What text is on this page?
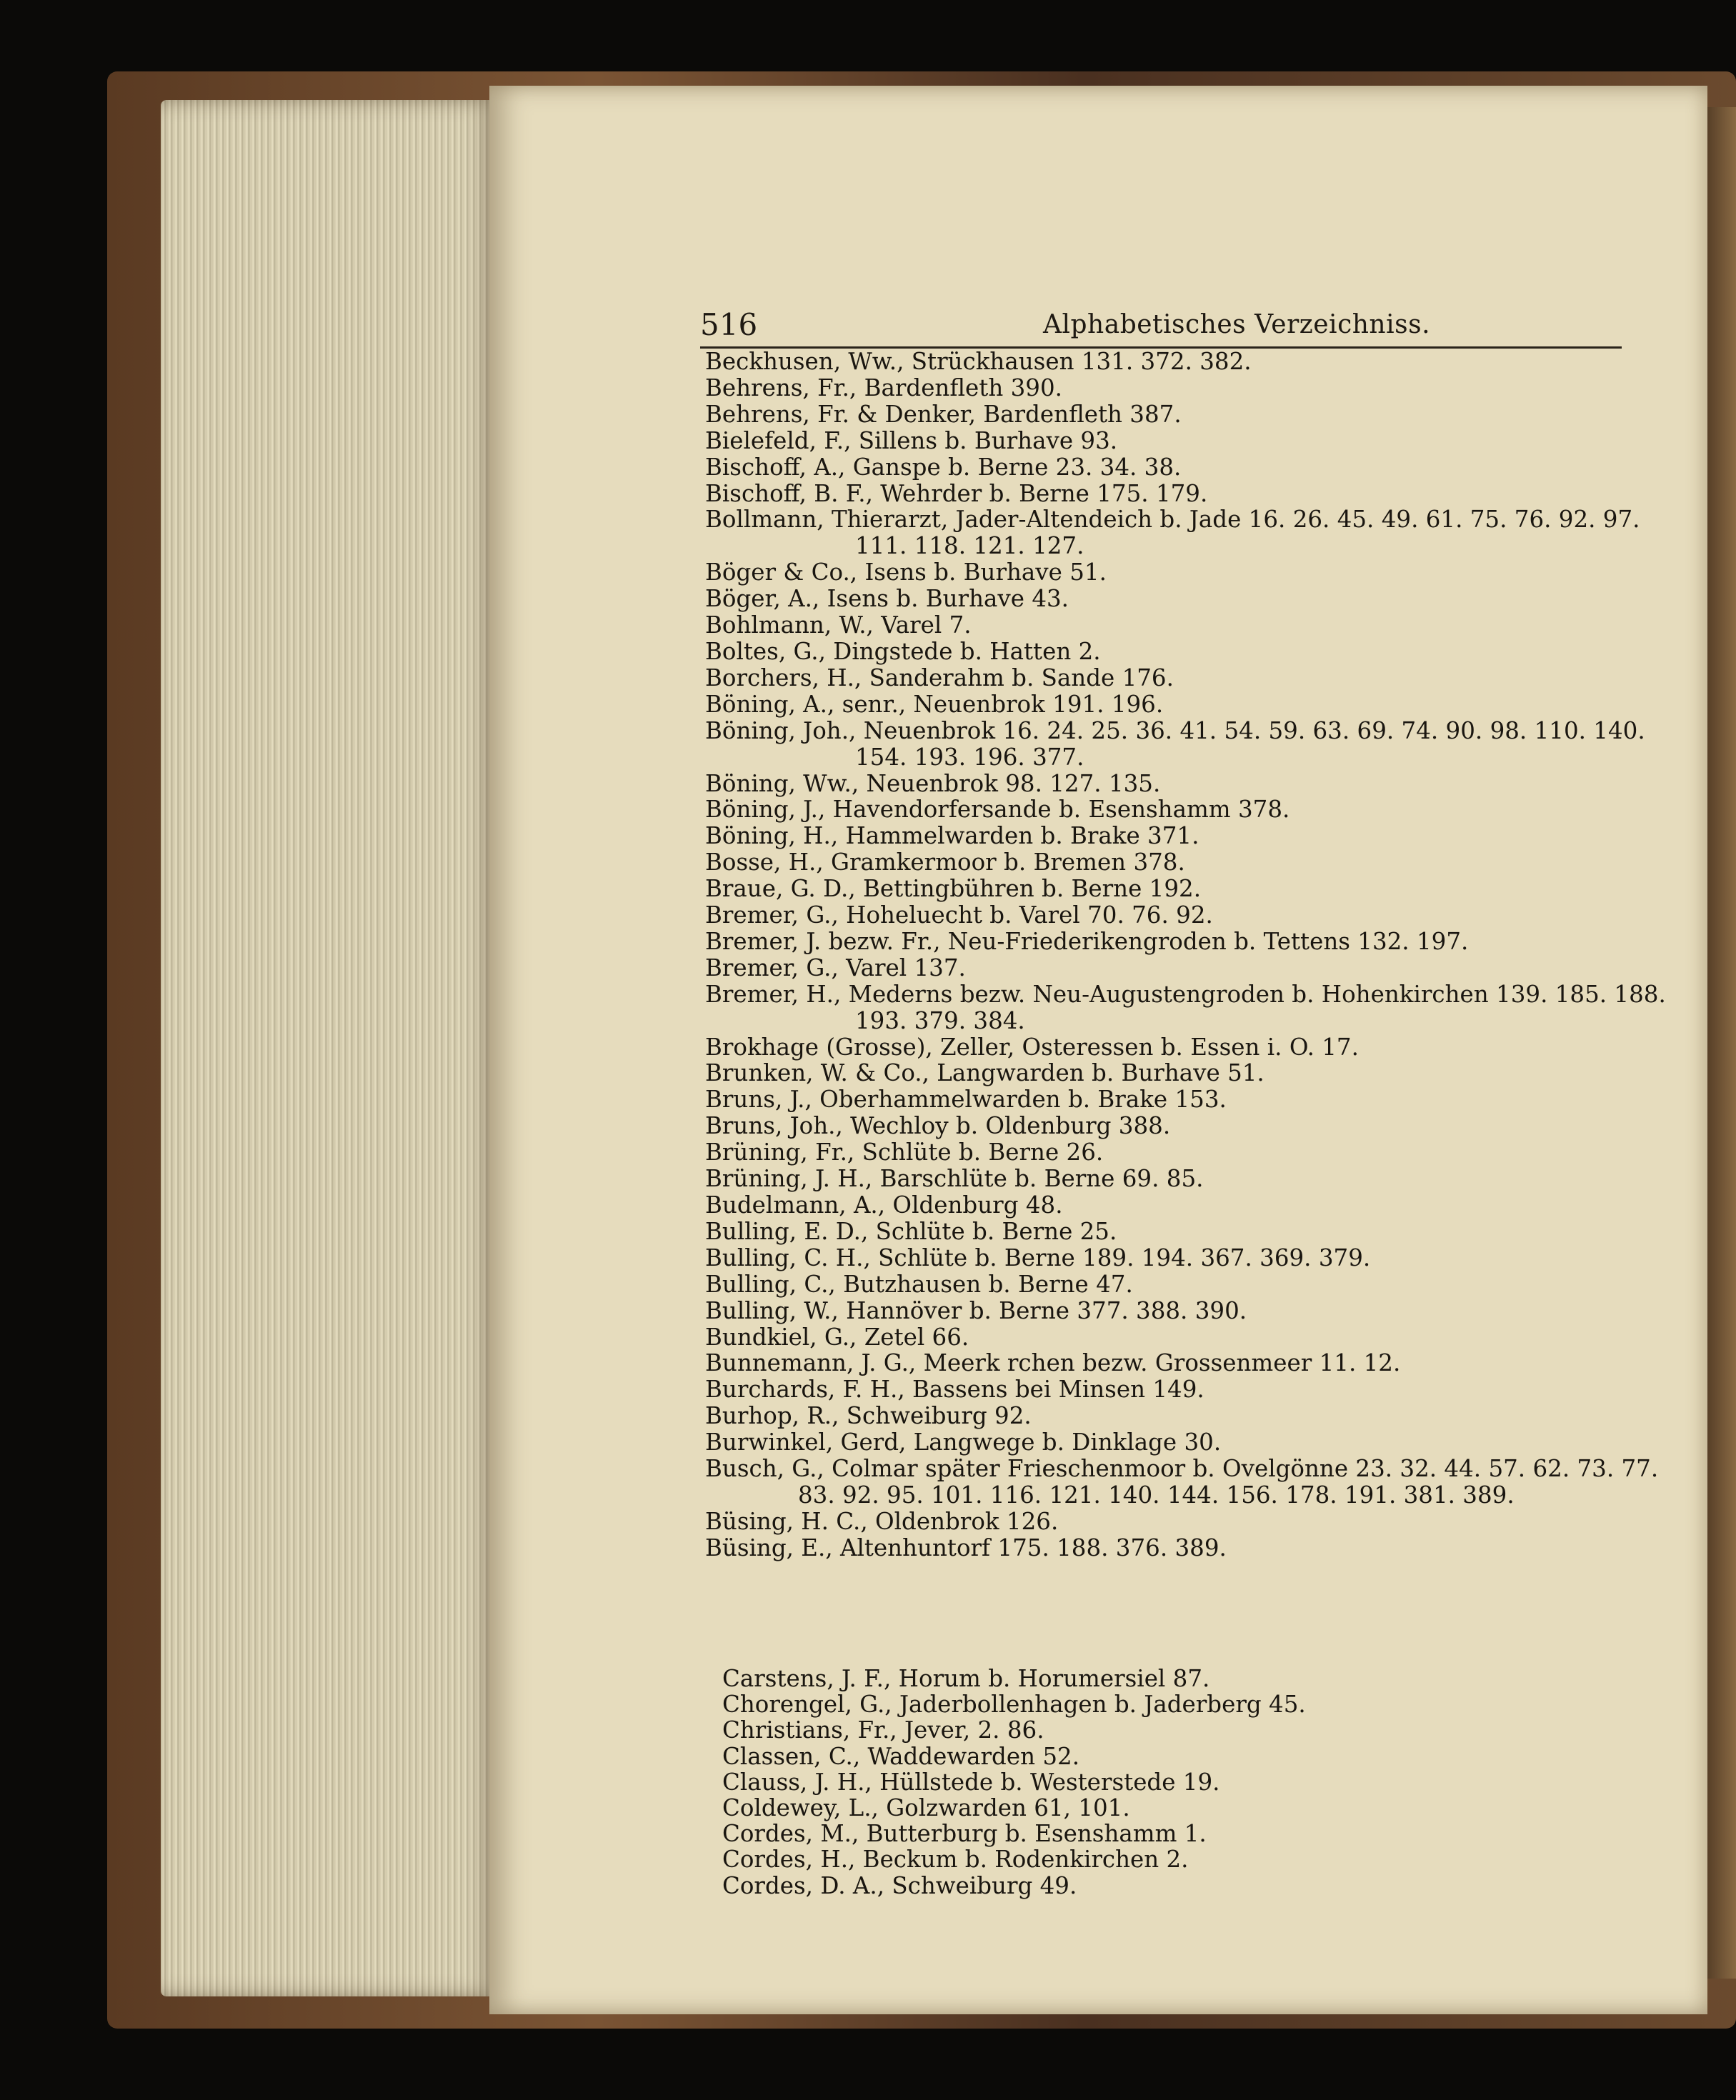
516	Alphabetisches Verzeichniss.
Beckhusen, Ww., Strückhausen 131. 372. 382.
Behrens, Fr., Bardenfleth 390.
Behrens, Fr. & Denker, Bardenfleth 387.
Bielefeld, F., Sillens b. Burhave 93.
Bischoff, A., Ganspe b. Berne 23. 34. 38.
Bischoff, B. F., Wehrder b. Berne 175. 179.
Bollmann, Thierarzt, Jader-Altendeich b. Jade 16. 26. 45. 49. 61. 75. 76. 92. 97.
111. 118. 121. 127.
Böger & Co., Isens b. Burhave 51.
Böger, A., Isens b. Burhave 43.
Bohlmann, W., Varel 7.
Boltes, G., Dingstede b. Hatten 2.
Borchers, H., Sanderahm b. Sande 176.
Böning, A., senr., Neuenbrok 191. 196.
Böning, Joh., Neuenbrok 16. 24. 25. 36. 41. 54. 59. 63. 69. 74. 90. 98. 110. 140.
154. 193. 196. 377.
Böning, Ww., Neuenbrok 98. 127. 135.
Böning, J., Havendorfersande b. Esenshamm 378.
Böning, H., Hammelwarden b. Brake 371.
Bosse, H., Gramkermoor b. Bremen 378.
Braue, G. D., Bettingbühren b. Berne 192.
Bremer, G., Hoheluecht b. Varel 70. 76. 92.
Bremer, J. bezw. Fr., Neu-Friederikengroden b. Tettens 132. 197.
Bremer, G., Varel 137.
Bremer, H., Mederns bezw. Neu-Augustengroden b. Hohenkirchen 139. 185. 188.
193. 379. 384.
Brokhage (Grosse), Zeller, Osteressen b. Essen i. O. 17.
Brunken, W. & Co., Langwarden b. Burhave 51.
Bruns, J., Oberhammelwarden b. Brake 153.
Bruns, Joh., Wechloy b. Oldenburg 388.
Brüning, Fr., Schlüte b. Berne 26.
Brüning, J. H., Barschlüte b. Berne 69. 85.
Budelmann, A., Oldenburg 48.
Bulling, E. D., Schlüte b. Berne 25.
Bulling, C. H., Schlüte b. Berne 189. 194. 367. 369. 379.
Bulling, C., Butzhausen b. Berne 47.
Bulling, W., Hannöver b. Berne 377. 388. 390.
Bundkiel, G., Zetel 66.
Bunnemann, J. G., Meerk rchen bezw. Grossenmeer 11. 12.
Burchards, F. H., Bassens bei Minsen 149.
Burhop, R., Schweiburg 92.
Burwinkel, Gerd, Langwege b. Dinklage 30.
Busch, G., Colmar später Frieschenmoor b. Ovelgönne 23. 32. 44. 57. 62. 73. 77.
83. 92. 95. 101. 116. 121. 140. 144. 156. 178. 191. 381. 389.
Büsing, H. C., Oldenbrok 126.
Büsing, E., Altenhuntorf 175. 188. 376. 389.
Carstens, J. F., Horum b. Horumersiel 87.
Chorengel, G., Jaderbollenhagen b. Jaderberg 45.
Christians, Fr., Jever, 2. 86.
Classen, C., Waddewarden 52.
Clauss, J. H., Hüllstede b. Westerstede 19.
Coldewey, L., Golzwarden 61, 101.
Cordes, M., Butterburg b. Esenshamm 1.
Cordes, H., Beckum b. Rodenkirchen 2.
Cordes, D. A., Schweiburg 49.
